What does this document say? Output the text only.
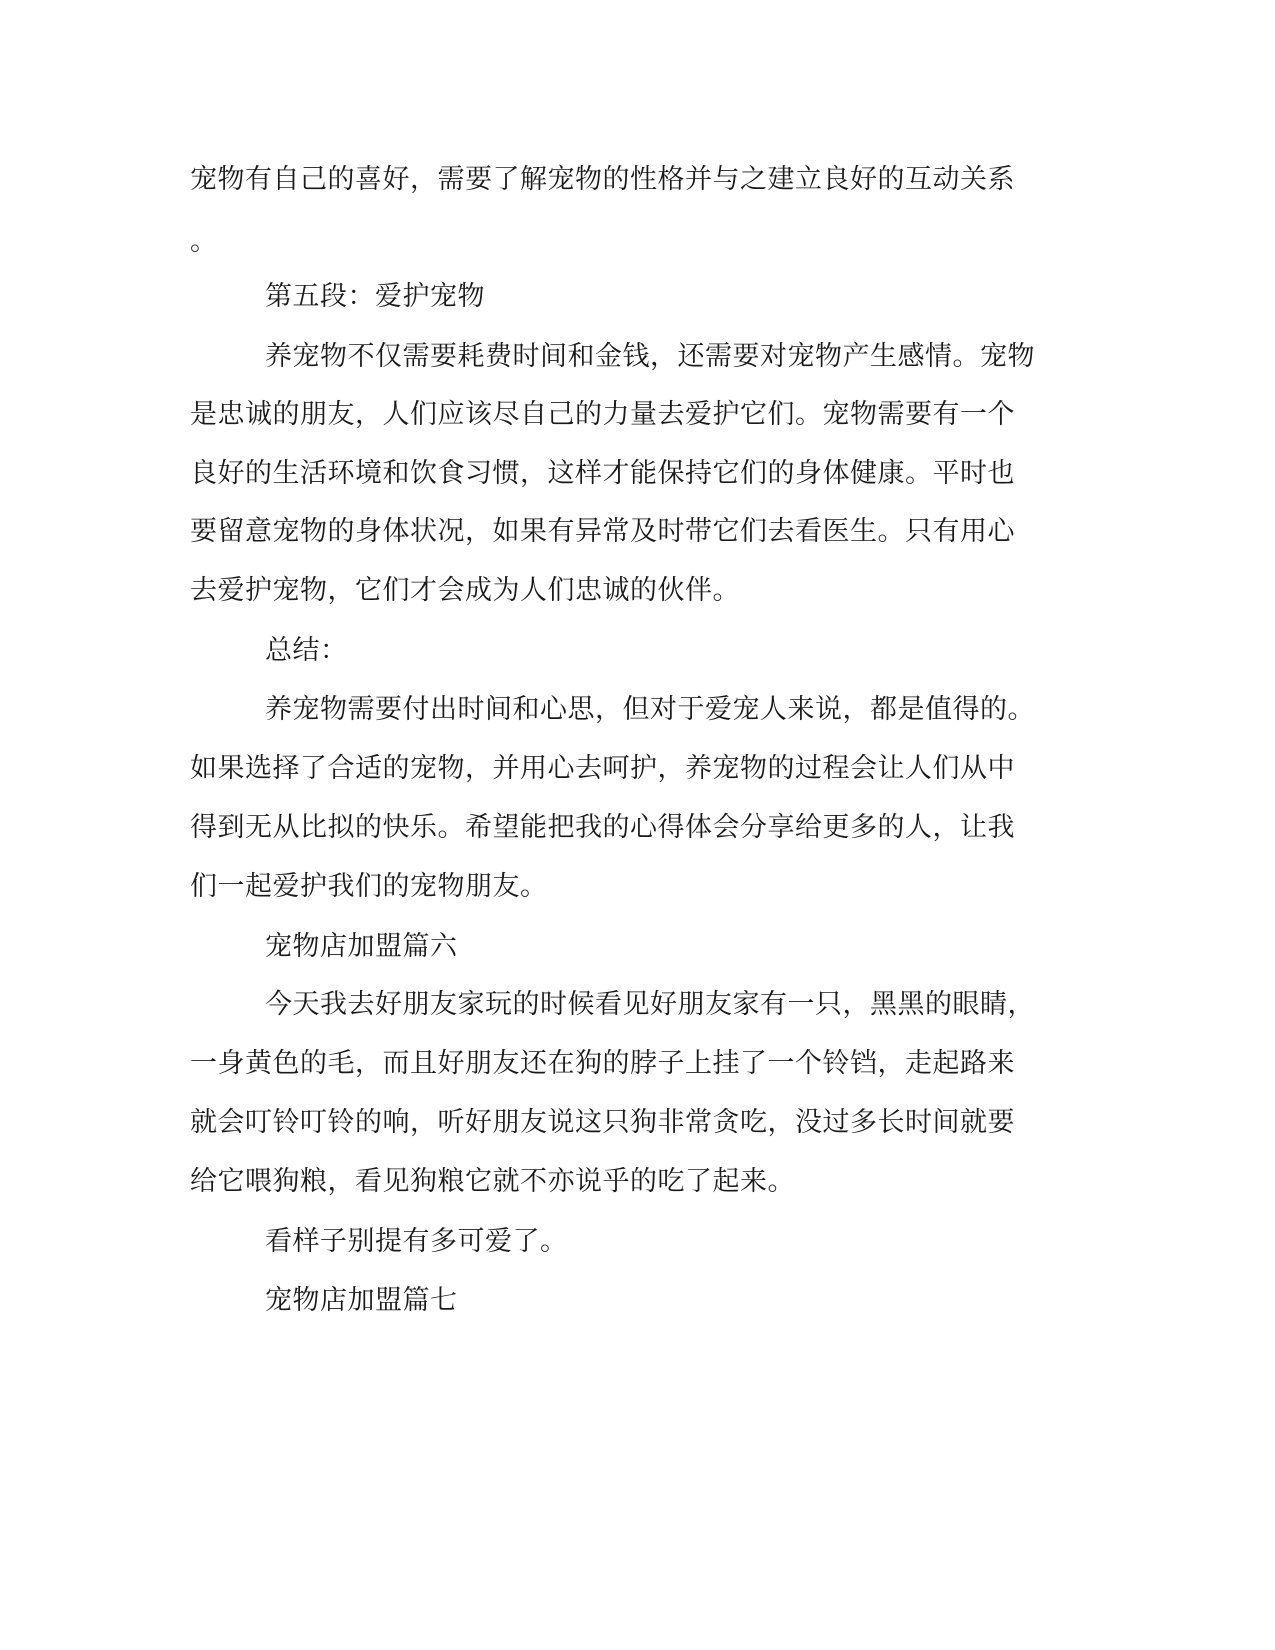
宠物有自己的喜好，需要了解宠物的性格并与之建立良好的互动关系
。
第五段：爱护宠物
养宠物不仅需要耗费时间和金钱，还需要对宠物产生感情。宠物
是忠诚的朋友，人们应该尽自己的力量去爱护它们。宠物需要有一个
良好的生活环境和饮食习惯，这样才能保持它们的身体健康。平时也
要留意宠物的身体状况，如果有异常及时带它们去看医生。只有用心
去爱护宠物，它们才会成为人们忠诚的伙伴。
总结：
养宠物需要付出时间和心思，但对于爱宠人来说，都是值得的。
如果选择了合适的宠物，并用心去呵护，养宠物的过程会让人们从中
得到无从比拟的快乐。希望能把我的心得体会分享给更多的人，让我
们一起爱护我们的宠物朋友。
宠物店加盟篇六
今天我去好朋友家玩的时候看见好朋友家有一只，黑黑的眼睛，
一身黄色的毛，而且好朋友还在狗的脖子上挂了一个铃铛，走起路来
就会叮铃叮铃的响，听好朋友说这只狗非常贪吃，没过多长时间就要
给它喂狗粮，看见狗粮它就不亦说乎的吃了起来。
看样子别提有多可爱了。
宠物店加盟篇七
